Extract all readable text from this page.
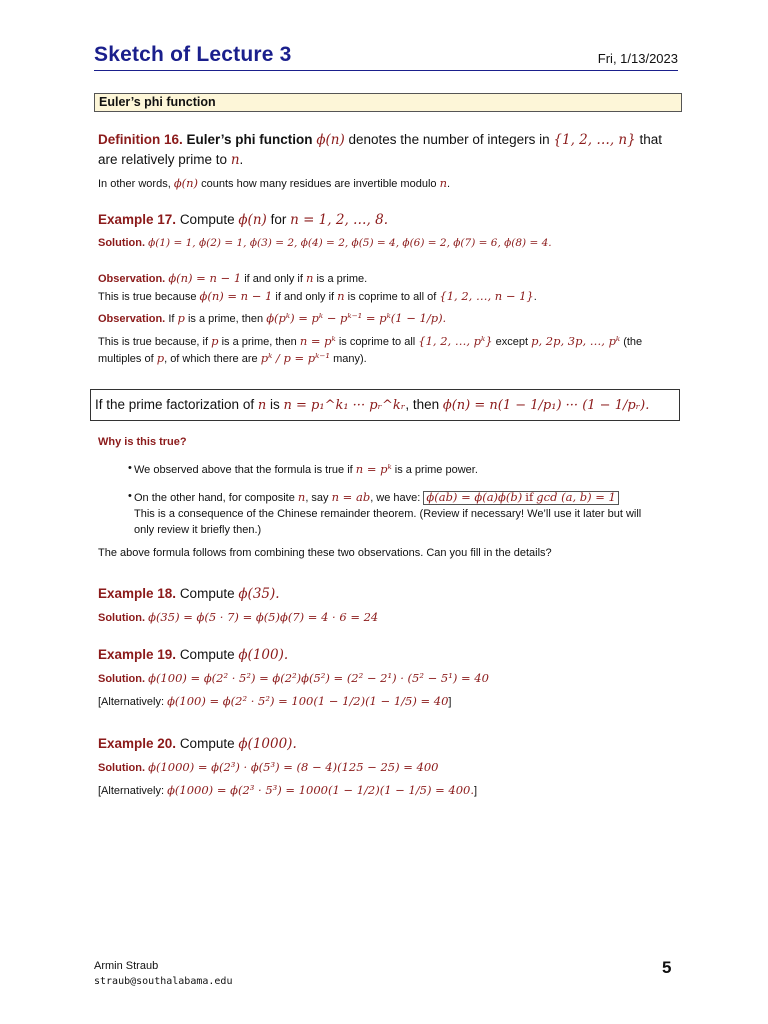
Sketch of Lecture 3	Fri, 1/13/2023
Euler’s phi function
Definition 16. Euler’s phi function ϕ(n) denotes the number of integers in {1, 2, …, n} that
are relatively prime to n.
In other words, ϕ(n) counts how many residues are invertible modulo n.
Example 17. Compute ϕ(n) for n = 1, 2, …, 8.
Solution. ϕ(1) = 1, ϕ(2) = 1, ϕ(3) = 2, ϕ(4) = 2, ϕ(5) = 4, ϕ(6) = 2, ϕ(7) = 6, ϕ(8) = 4.
Observation. ϕ(n) = n − 1 if and only if n is a prime.
This is true because ϕ(n) = n − 1 if and only if n is coprime to all of {1, 2, …, n − 1}.
Observation. If p is a prime, then ϕ(pᵏ) = pᵏ − pᵏ⁻¹ = pᵏ(1 − 1/p).
This is true because, if p is a prime, then n = pᵏ is coprime to all {1, 2, …, pᵏ} except p, 2p, 3p, …, pᵏ (the
multiples of p, of which there are pᵏ / p = pᵏ⁻¹ many).
If the prime factorization of n is n = p₁^k₁ ··· pᵣ^kᵣ, then ϕ(n) = n(1 − 1/p₁) ··· (1 − 1/pᵣ).
Why is this true?
• We observed above that the formula is true if n = pᵏ is a prime power.
• On the other hand, for composite n, say n = ab, we have: ϕ(ab) = ϕ(a)ϕ(b) if gcd (a, b) = 1
This is a consequence of the Chinese remainder theorem. (Review if necessary! We’ll use it later but will
only review it briefly then.)
The above formula follows from combining these two observations. Can you fill in the details?
Example 18. Compute ϕ(35).
Solution. ϕ(35) = ϕ(5 · 7) = ϕ(5)ϕ(7) = 4 · 6 = 24
Example 19. Compute ϕ(100).
Solution. ϕ(100) = ϕ(2² · 5²) = ϕ(2²)ϕ(5²) = (2² − 2¹) · (5² − 5¹) = 40
[Alternatively: ϕ(100) = ϕ(2² · 5²) = 100(1 − 1/2)(1 − 1/5) = 40]
Example 20. Compute ϕ(1000).
Solution. ϕ(1000) = ϕ(2³) · ϕ(5³) = (8 − 4)(125 − 25) = 400
[Alternatively: ϕ(1000) = ϕ(2³ · 5³) = 1000(1 − 1/2)(1 − 1/5) = 400.]
Armin Straub
straub@southalabama.edu
5
